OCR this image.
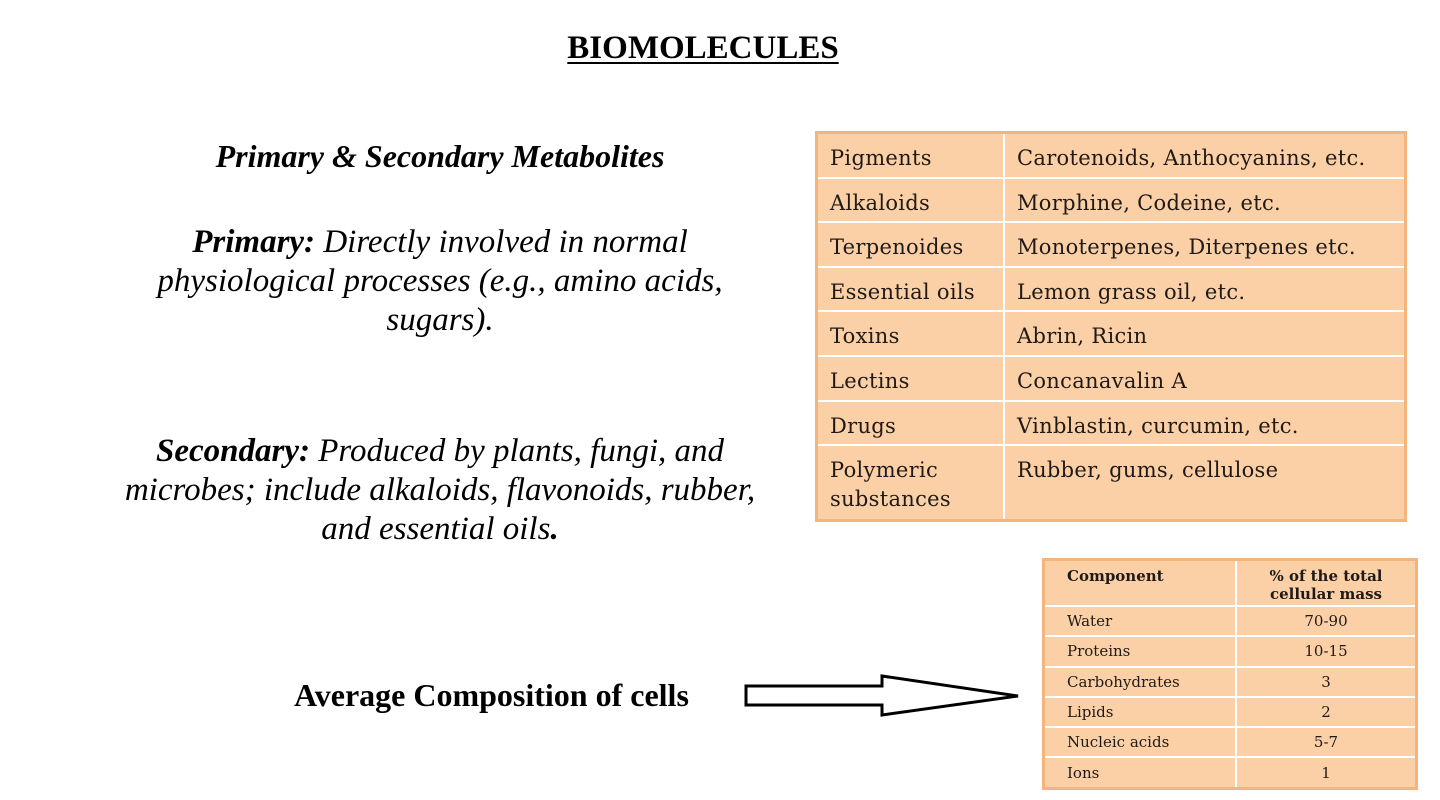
BIOMOLECULES
Primary & Secondary Metabolites
Primary: Directly involved in normal physiological processes (e.g., amino acids, sugars).
Secondary: Produced by plants, fungi, and microbes; include alkaloids, flavonoids, rubber, and essential oils.
Pigments	Carotenoids, Anthocyanins, etc.
Alkaloids	Morphine, Codeine, etc.
Terpenoides	Monoterpenes, Diterpenes etc.
Essential oils	Lemon grass oil, etc.
Toxins	Abrin, Ricin
Lectins	Concanavalin A
Drugs	Vinblastin, curcumin, etc.
Polymeric substances	Rubber, gums, cellulose
Average Composition of cells
Component	% of the total cellular mass
Water	70-90
Proteins	10-15
Carbohydrates	3
Lipids	2
Nucleic acids	5-7
Ions	1
